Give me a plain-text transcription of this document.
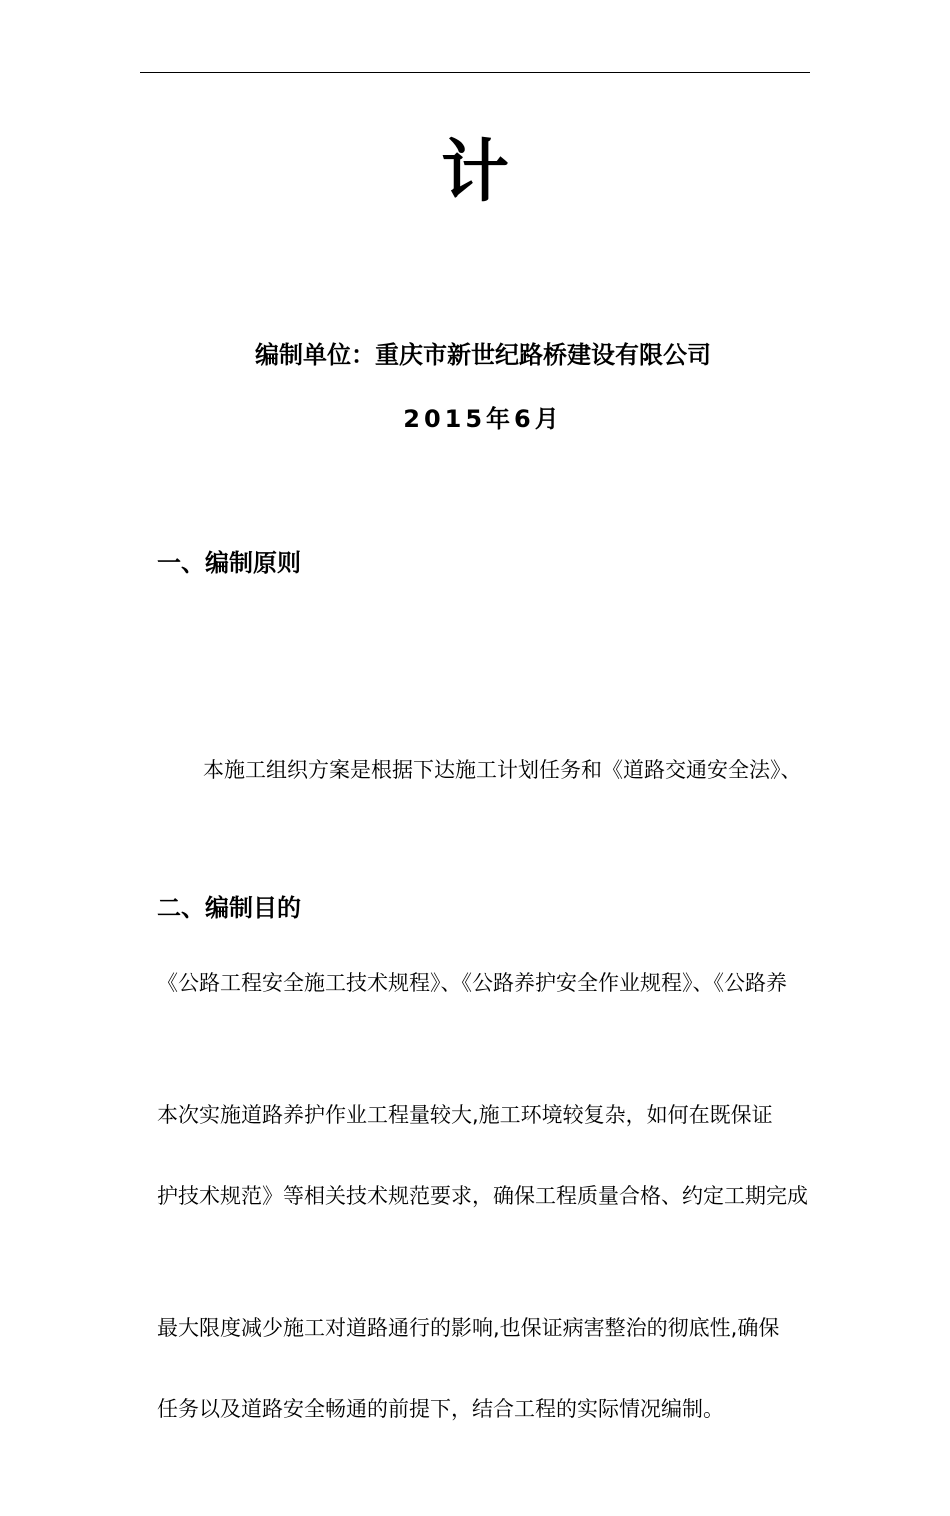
计
编制单位：重庆市新世纪路桥建设有限公司
2015年6月
一、编制原则

本施工组织方案是根据下达施工计划任务和《道路交通安全法》、

《公路工程安全施工技术规程》、《公路养护安全作业规程》、《公路养

护技术规范》等相关技术规范要求，确保工程质量合格、约定工期完成

任务以及道路安全畅通的前提下，结合工程的实际情况编制。

二、编制目的

本次实施道路养护作业工程量较大,施工环境较复杂，如何在既保证

最大限度减少施工对道路通行的影响,也保证病害整治的彻底性,确保
